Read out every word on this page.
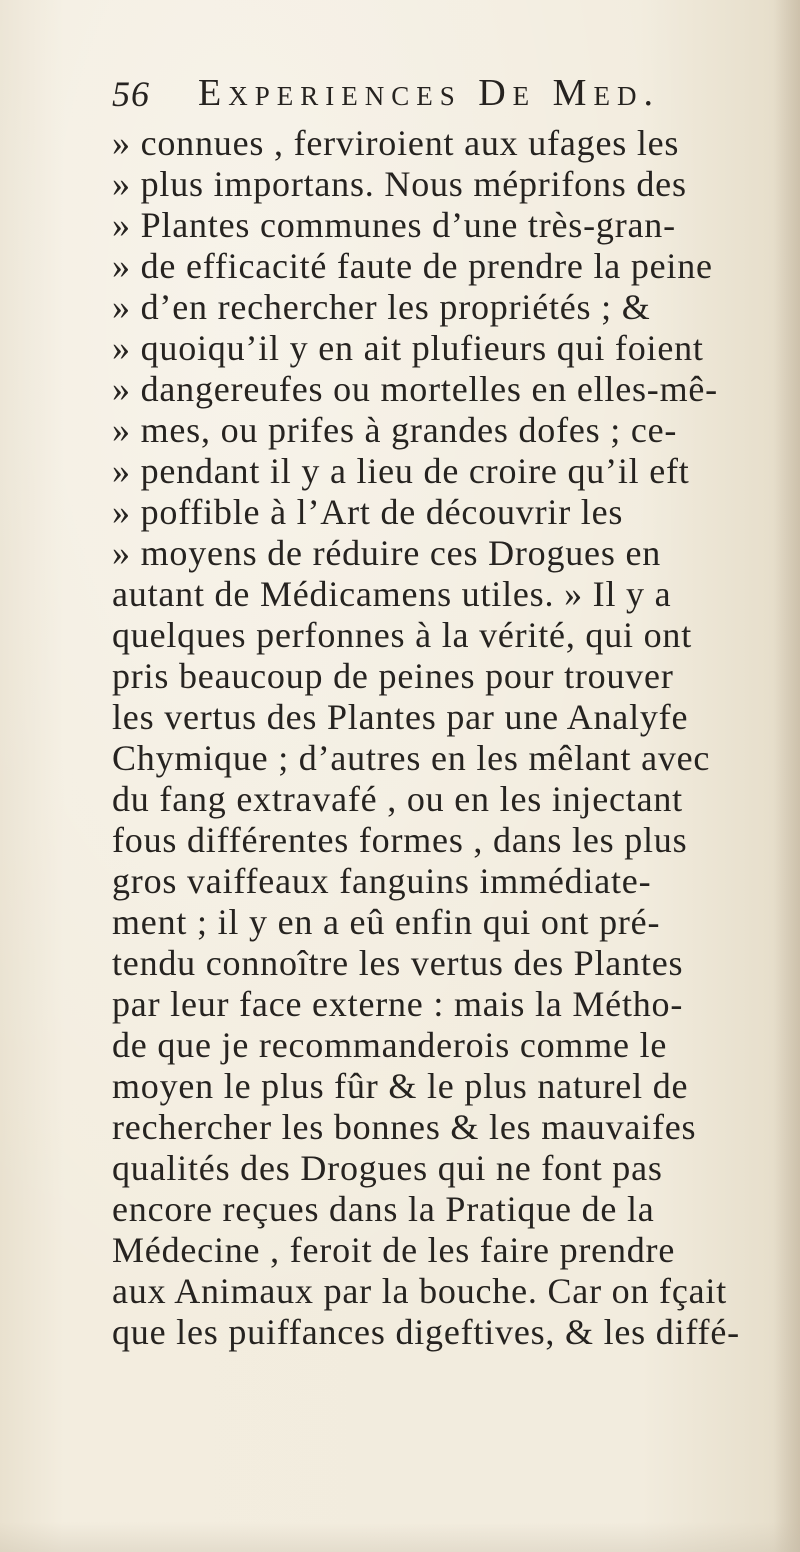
56 Experiences De Med.
» connues , ferviroient aux ufages les
» plus importans. Nous méprifons des
» Plantes communes d’une très-gran-
» de efficacité faute de prendre la peine
» d’en rechercher les propriétés ; &
» quoiqu’il y en ait plufieurs qui foient
» dangereufes ou mortelles en elles-mê-
» mes, ou prifes à grandes dofes ; ce-
» pendant il y a lieu de croire qu’il eft
» poffible à l’Art de découvrir les
» moyens de réduire ces Drogues en
autant de Médicamens utiles. » Il y a
quelques perfonnes à la vérité, qui ont
pris beaucoup de peines pour trouver
les vertus des Plantes par une Analyfe
Chymique ; d’autres en les mêlant avec
du fang extravafé , ou en les injectant
fous différentes formes , dans les plus
gros vaiffeaux fanguins immédiate-
ment ; il y en a eû enfin qui ont pré-
tendu connoître les vertus des Plantes
par leur face externe : mais la Métho-
de que je recommanderois comme le
moyen le plus fûr & le plus naturel de
rechercher les bonnes & les mauvaifes
qualités des Drogues qui ne font pas
encore reçues dans la Pratique de la
Médecine , feroit de les faire prendre
aux Animaux par la bouche. Car on fçait
que les puiffances digeftives, & les diffé-
